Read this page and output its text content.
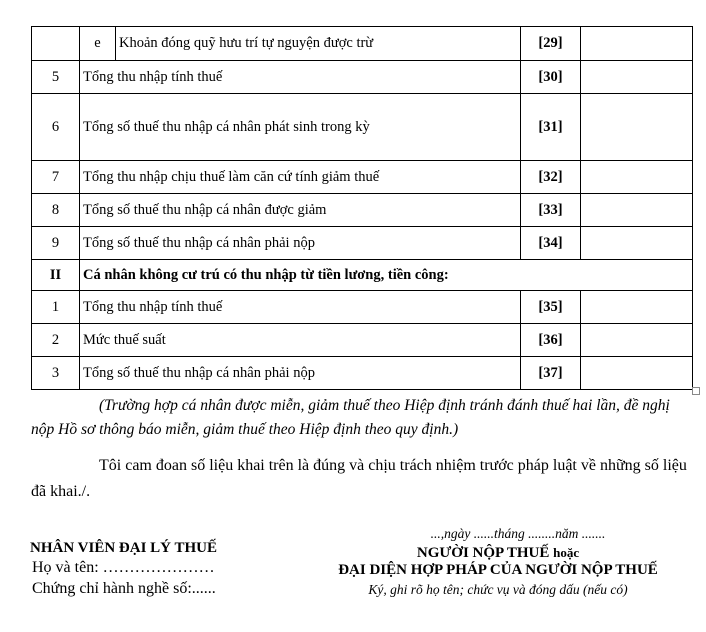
	e	Khoản đóng quỹ hưu trí tự nguyện được trừ	[29]	
5	Tổng thu nhập tính thuế		[30]	
6	Tổng số thuế thu nhập cá nhân phát sinh trong kỳ		[31]	
7	Tổng thu nhập chịu thuế làm căn cứ tính giảm thuế		[32]	
8	Tổng số thuế thu nhập cá nhân được giảm		[33]	
9	Tổng số thuế thu nhập cá nhân phải nộp		[34]	
II	Cá nhân không cư trú có thu nhập từ tiền lương, tiền công:			
1	Tổng thu nhập tính thuế		[35]	
2	Mức thuế suất		[36]	
3	Tổng số thuế thu nhập cá nhân phải nộp		[37]	
(Trường hợp cá nhân được miễn, giảm thuế theo Hiệp định tránh đánh thuế hai lần, đề nghị nộp Hồ sơ thông báo miễn, giảm thuế theo Hiệp định theo quy định.)
Tôi cam đoan số liệu khai trên là đúng và chịu trách nhiệm trước pháp luật về những số liệu đã khai./.
NHÂN VIÊN ĐẠI LÝ THUẾ
Họ và tên: …………………
Chứng chỉ hành nghề số:......
...,ngày ......tháng ........năm .......
NGƯỜI NỘP THUẾ hoặc
ĐẠI DIỆN HỢP PHÁP CỦA NGƯỜI NỘP THUẾ
Ký, ghi rõ họ tên; chức vụ và đóng dấu (nếu có)
